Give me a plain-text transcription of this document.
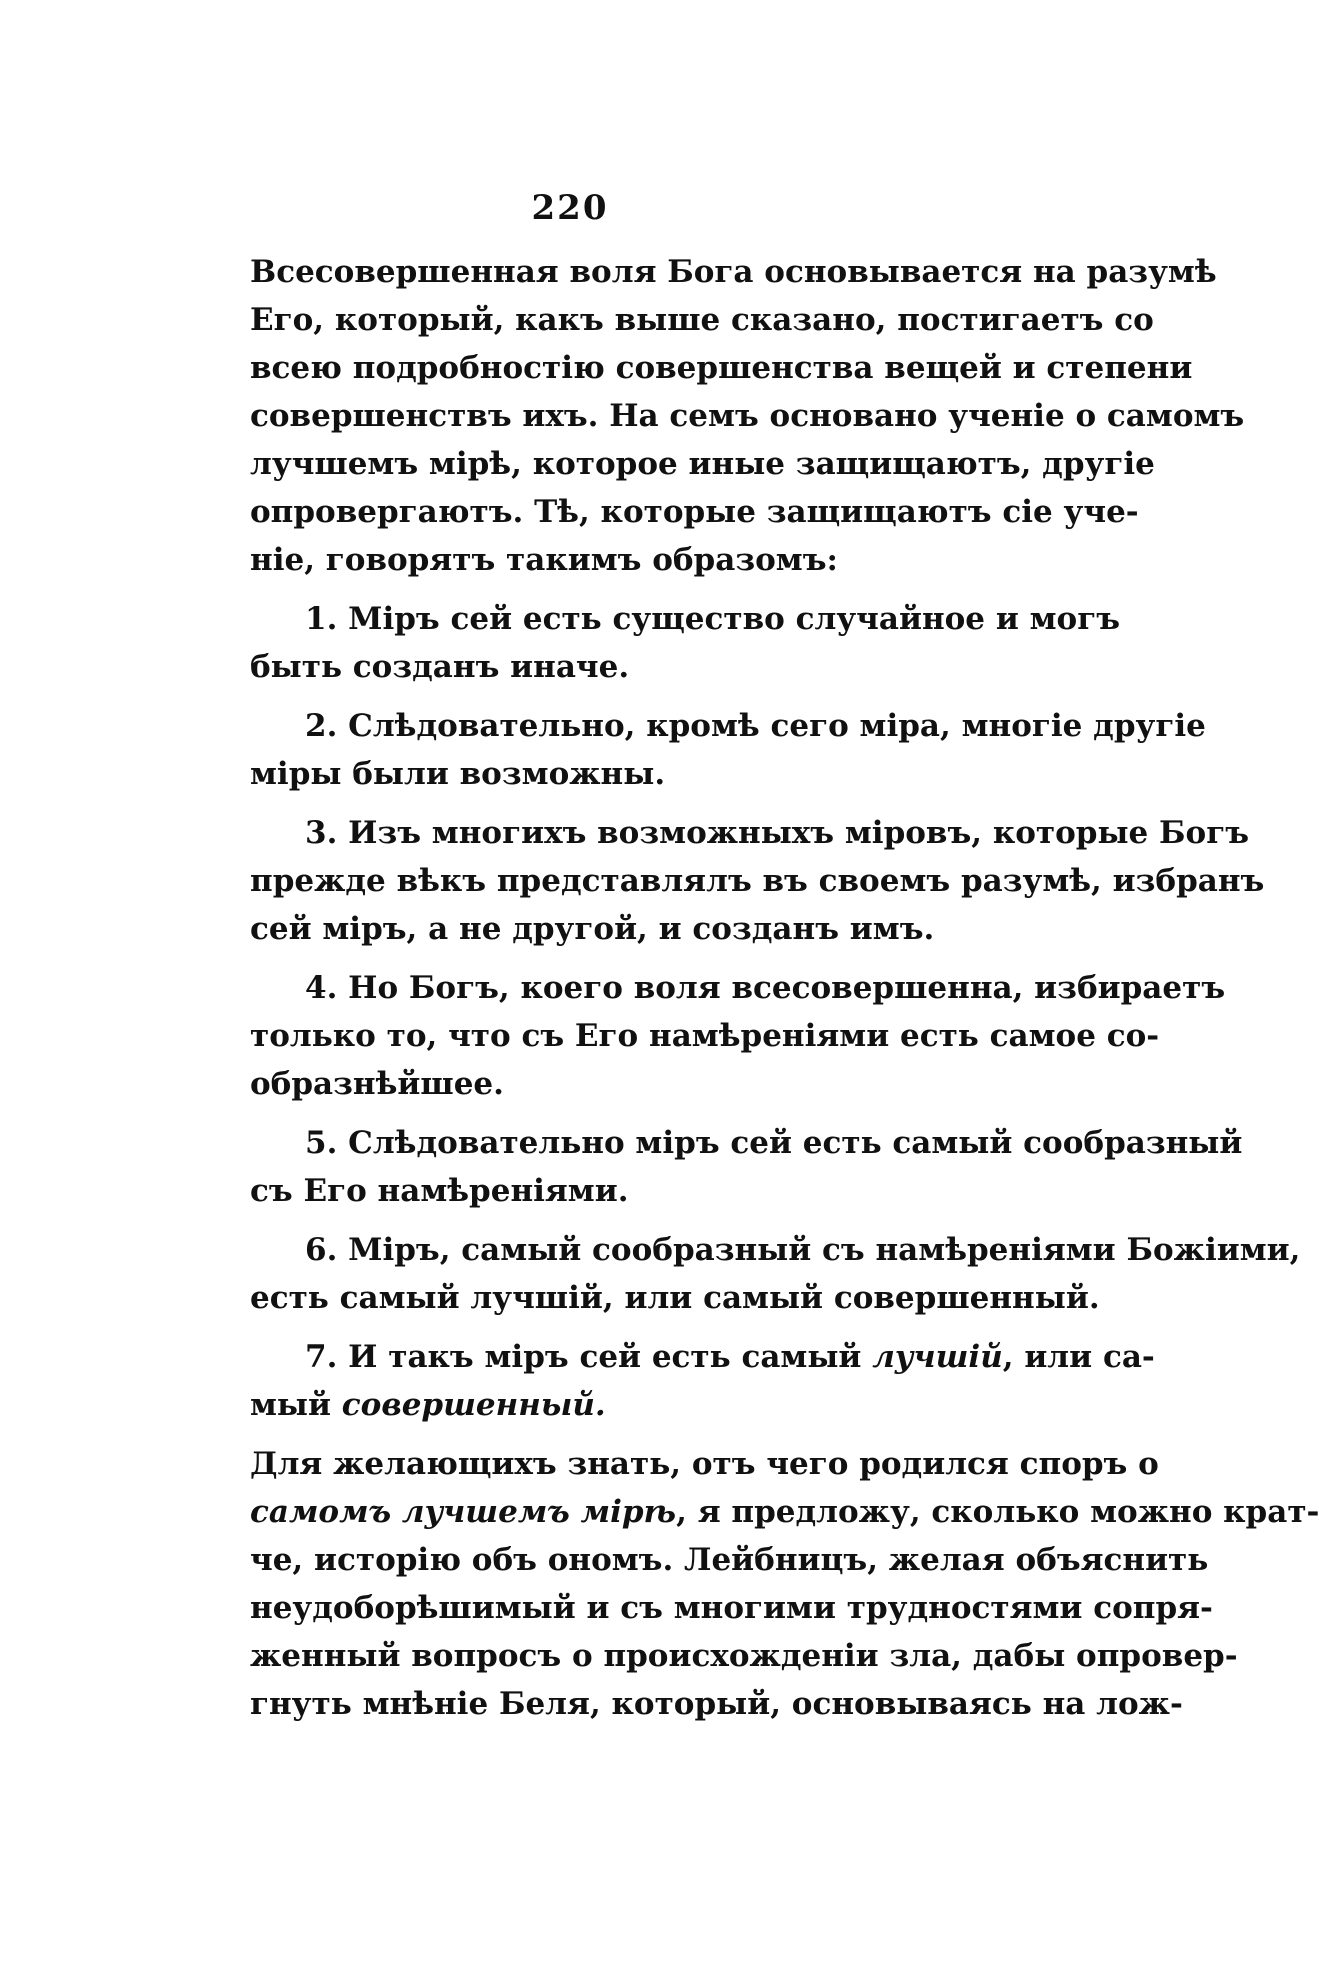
220
Всесовершенная воля Бога основывается на разумѣ
Его, который, какъ выше сказано, постигаетъ со
всею подробностію совершенства вещей и степени
совершенствъ ихъ. На семъ основано ученіе о самомъ
лучшемъ мірѣ, которое иные защищаютъ, другіе
опровергаютъ. Тѣ, которые защищаютъ сіе уче-
ніе, говорятъ такимъ образомъ:
1. Міръ сей есть существо случайное и могъ
быть созданъ иначе.
2. Слѣдовательно, кромѣ сего міра, многіе другіе
міры были возможны.
3. Изъ многихъ возможныхъ міровъ, которые Богъ
прежде вѣкъ представлялъ въ своемъ разумѣ, избранъ
сей міръ, а не другой, и созданъ имъ.
4. Но Богъ, коего воля всесовершенна, избираетъ
только то, что съ Его намѣреніями есть самое со-
образнѣйшее.
5. Слѣдовательно міръ сей есть самый сообразный
съ Его намѣреніями.
6. Міръ, самый сообразный съ намѣреніями Божіими,
есть самый лучшій, или самый совершенный.
7. И такъ міръ сей есть самый лучшій, или са-
мый совершенный.
Для желающихъ знать, отъ чего родился споръ о
самомъ лучшемъ мірѣ, я предложу, сколько можно крат-
че, исторію объ ономъ. Лейбницъ, желая объяснить
неудоборѣшимый и съ многими трудностями сопря-
женный вопросъ о происхожденіи зла, дабы опровер-
гнуть мнѣніе Беля, который, основываясь на лож-
